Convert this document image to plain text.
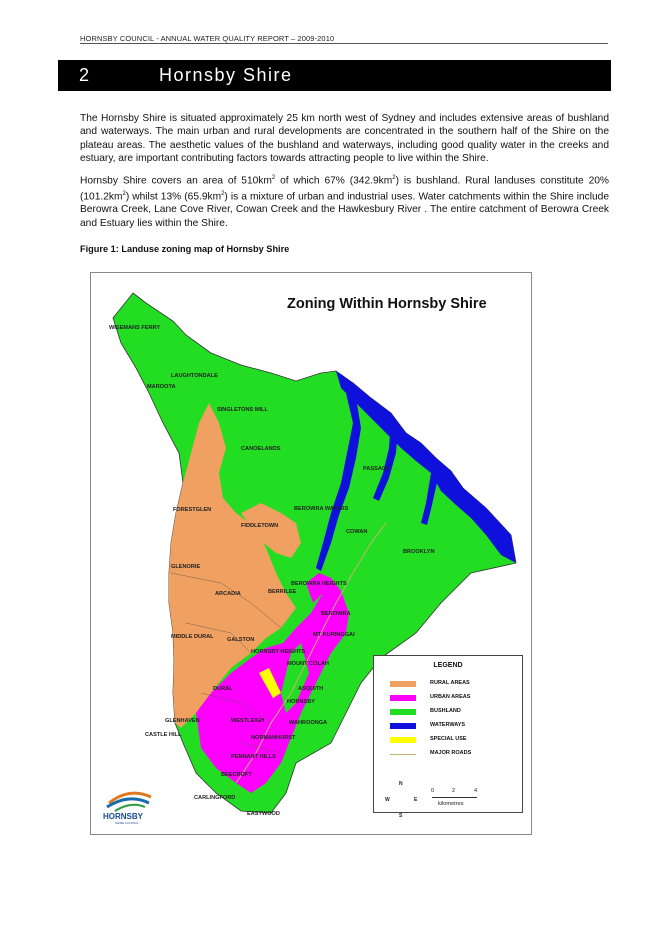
HORNSBY COUNCIL - ANNUAL WATER QUALITY REPORT – 2009-2010
2	Hornsby Shire

The Hornsby Shire is situated approximately 25 km north west of Sydney and includes extensive areas of bushland and waterways. The main urban and rural developments are concentrated in the southern half of the Shire on the plateau areas. The aesthetic values of the bushland and waterways, including good quality water in the creeks and estuary, are important contributing factors towards attracting people to live within the Shire.

Hornsby Shire covers an area of $510km^2$ of which 67% $(342.9km^2)$ is bushland. Rural landuses constitute 20% $(101.2km^2)$ whilst 13% $(65.9km^2)$ is a mixture of urban and industrial uses. Water catchments within the Shire include Berowra Creek, Lane Cove River, Cowan Creek and the Hawkesbury River . The entire catchment of Berowra Creek and Estuary lies within the Shire.

Figure 1: Landuse zoning map of Hornsby Shire
Zoning Within Hornsby Shire
WISEMANS FERRY
LAUGHTONDALE
MAROOTA
SINGLETONS MILL
CANOELANDS
PASSAGE
FORESTGLEN	BEROWRA WATERS
FIDDLETOWN
COWAN
BROOKLYN
GLENORIE
BEROWRA HEIGHTS
ARCADIA	BERRILEE
BEROWRA
MIDDLE DURAL GALSTON
MT KURINGGAI
HORNSBY HEIGHTS
MOUNT COLAH
DURAL	ASQUITH
HORNSBY
GLENHAVEN	WESTLEIGH	WAHROONGA
CASTLE HILL	NORMANHURST
PENNANT HILLS
BEECROFT
CARLINGFORD
EASTWOOD
LEGEND
RURAL AREAS
URBAN AREAS
BUSHLAND
WATERWAYS
SPECIAL USE
MAJOR ROADS
N
S
W	E
0	2	4
kilometres
HORNSBY
SHIRE COUNCIL
